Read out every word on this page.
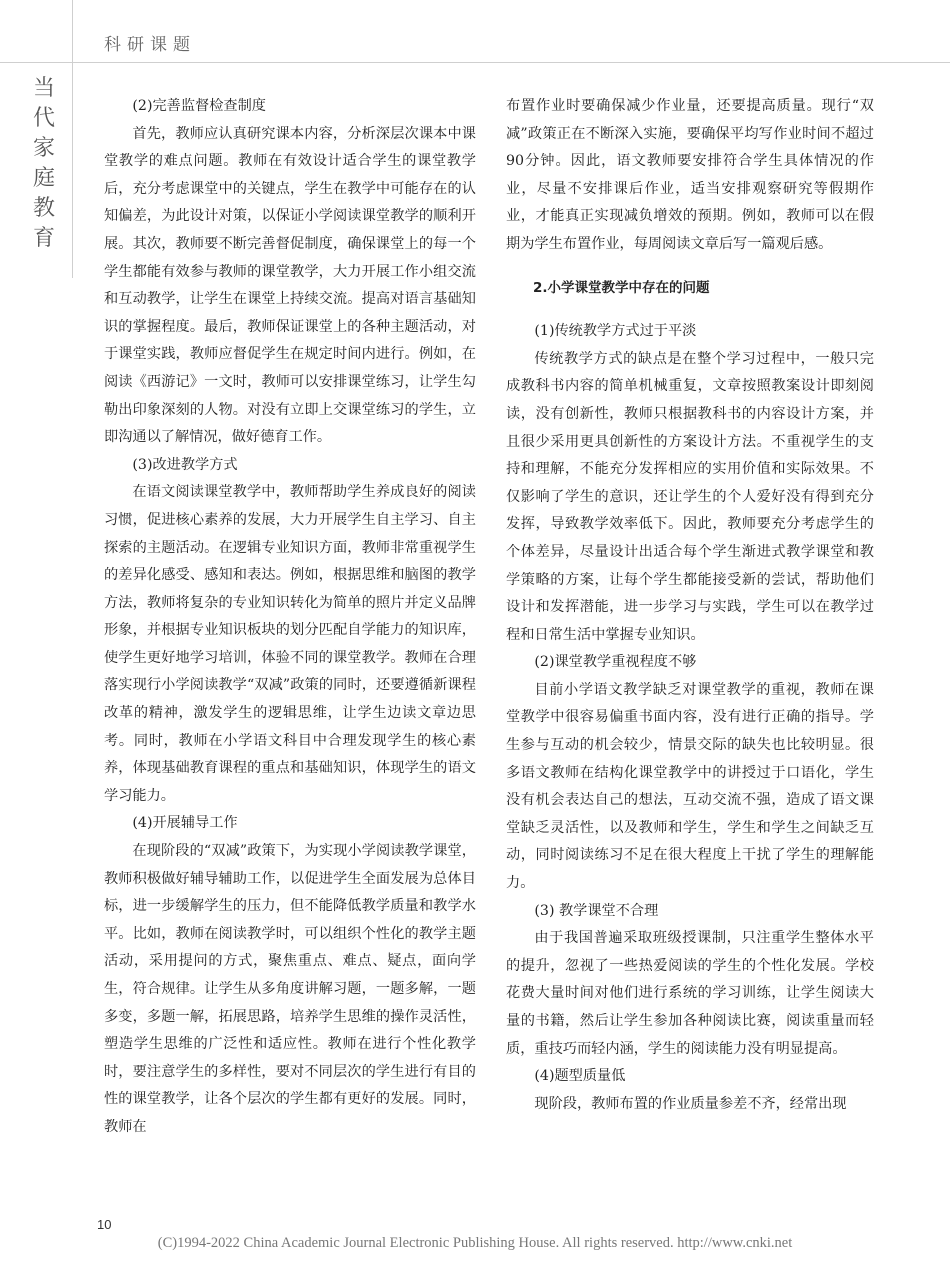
科研课题
当
代
家
庭
教
育

(2)完善监督检查制度

首先，教师应认真研究课本内容，分析深层次课本中课堂教学的难点问题。教师在有效设计适合学生的课堂教学后，充分考虑课堂中的关键点，学生在教学中可能存在的认知偏差，为此设计对策，以保证小学阅读课堂教学的顺利开展。其次，教师要不断完善督促制度，确保课堂上的每一个学生都能有效参与教师的课堂教学，大力开展工作小组交流和互动教学，让学生在课堂上持续交流。提高对语言基础知识的掌握程度。最后，教师保证课堂上的各种主题活动，对于课堂实践，教师应督促学生在规定时间内进行。例如，在阅读《西游记》一文时，教师可以安排课堂练习，让学生勾勒出印象深刻的人物。对没有立即上交课堂练习的学生，立即沟通以了解情况，做好德育工作。

(3)改进教学方式

在语文阅读课堂教学中，教师帮助学生养成良好的阅读习惯，促进核心素养的发展，大力开展学生自主学习、自主探索的主题活动。在逻辑专业知识方面，教师非常重视学生的差异化感受、感知和表达。例如，根据思维和脑图的教学方法，教师将复杂的专业知识转化为简单的照片并定义品牌形象，并根据专业知识板块的划分匹配自学能力的知识库，使学生更好地学习培训，体验不同的课堂教学。教师在合理落实现行小学阅读教学“双减”政策的同时，还要遵循新课程改革的精神，激发学生的逻辑思维，让学生边读文章边思考。同时，教师在小学语文科目中合理发现学生的核心素养，体现基础教育课程的重点和基础知识，体现学生的语文学习能力。

(4)开展辅导工作

在现阶段的“双减”政策下，为实现小学阅读教学课堂，教师积极做好辅导辅助工作，以促进学生全面发展为总体目标，进一步缓解学生的压力，但不能降低教学质量和教学水平。比如，教师在阅读教学时，可以组织个性化的教学主题活动，采用提问的方式，聚焦重点、难点、疑点，面向学生，符合规律。让学生从多角度讲解习题，一题多解，一题多变，多题一解，拓展思路，培养学生思维的操作灵活性，塑造学生思维的广泛性和适应性。教师在进行个性化教学时，要注意学生的多样性，要对不同层次的学生进行有目的性的课堂教学，让各个层次的学生都有更好的发展。同时，教师在

布置作业时要确保减少作业量，还要提高质量。现行“双减”政策正在不断深入实施，要确保平均写作业时间不超过90分钟。因此，语文教师要安排符合学生具体情况的作业，尽量不安排课后作业，适当安排观察研究等假期作业，才能真正实现减负增效的预期。例如，教师可以在假期为学生布置作业，每周阅读文章后写一篇观后感。

2.小学课堂教学中存在的问题

(1)传统教学方式过于平淡

传统教学方式的缺点是在整个学习过程中，一般只完成教科书内容的简单机械重复，文章按照教案设计即刻阅读，没有创新性，教师只根据教科书的内容设计方案，并且很少采用更具创新性的方案设计方法。不重视学生的支持和理解，不能充分发挥相应的实用价值和实际效果。不仅影响了学生的意识，还让学生的个人爱好没有得到充分发挥，导致教学效率低下。因此，教师要充分考虑学生的个体差异，尽量设计出适合每个学生渐进式教学课堂和教学策略的方案，让每个学生都能接受新的尝试，帮助他们设计和发挥潜能，进一步学习与实践，学生可以在教学过程和日常生活中掌握专业知识。

(2)课堂教学重视程度不够

目前小学语文教学缺乏对课堂教学的重视，教师在课堂教学中很容易偏重书面内容，没有进行正确的指导。学生参与互动的机会较少，情景交际的缺失也比较明显。很多语文教师在结构化课堂教学中的讲授过于口语化，学生没有机会表达自己的想法，互动交流不强，造成了语文课堂缺乏灵活性，以及教师和学生，学生和学生之间缺乏互动，同时阅读练习不足在很大程度上干扰了学生的理解能力。

(3) 教学课堂不合理

由于我国普遍采取班级授课制，只注重学生整体水平的提升，忽视了一些热爱阅读的学生的个性化发展。学校花费大量时间对他们进行系统的学习训练，让学生阅读大量的书籍，然后让学生参加各种阅读比赛，阅读重量而轻质，重技巧而轻内涵，学生的阅读能力没有明显提高。

(4)题型质量低

现阶段，教师布置的作业质量参差不齐，经常出现

10
(C)1994-2022 China Academic Journal Electronic Publishing House. All rights reserved. http://www.cnki.net
